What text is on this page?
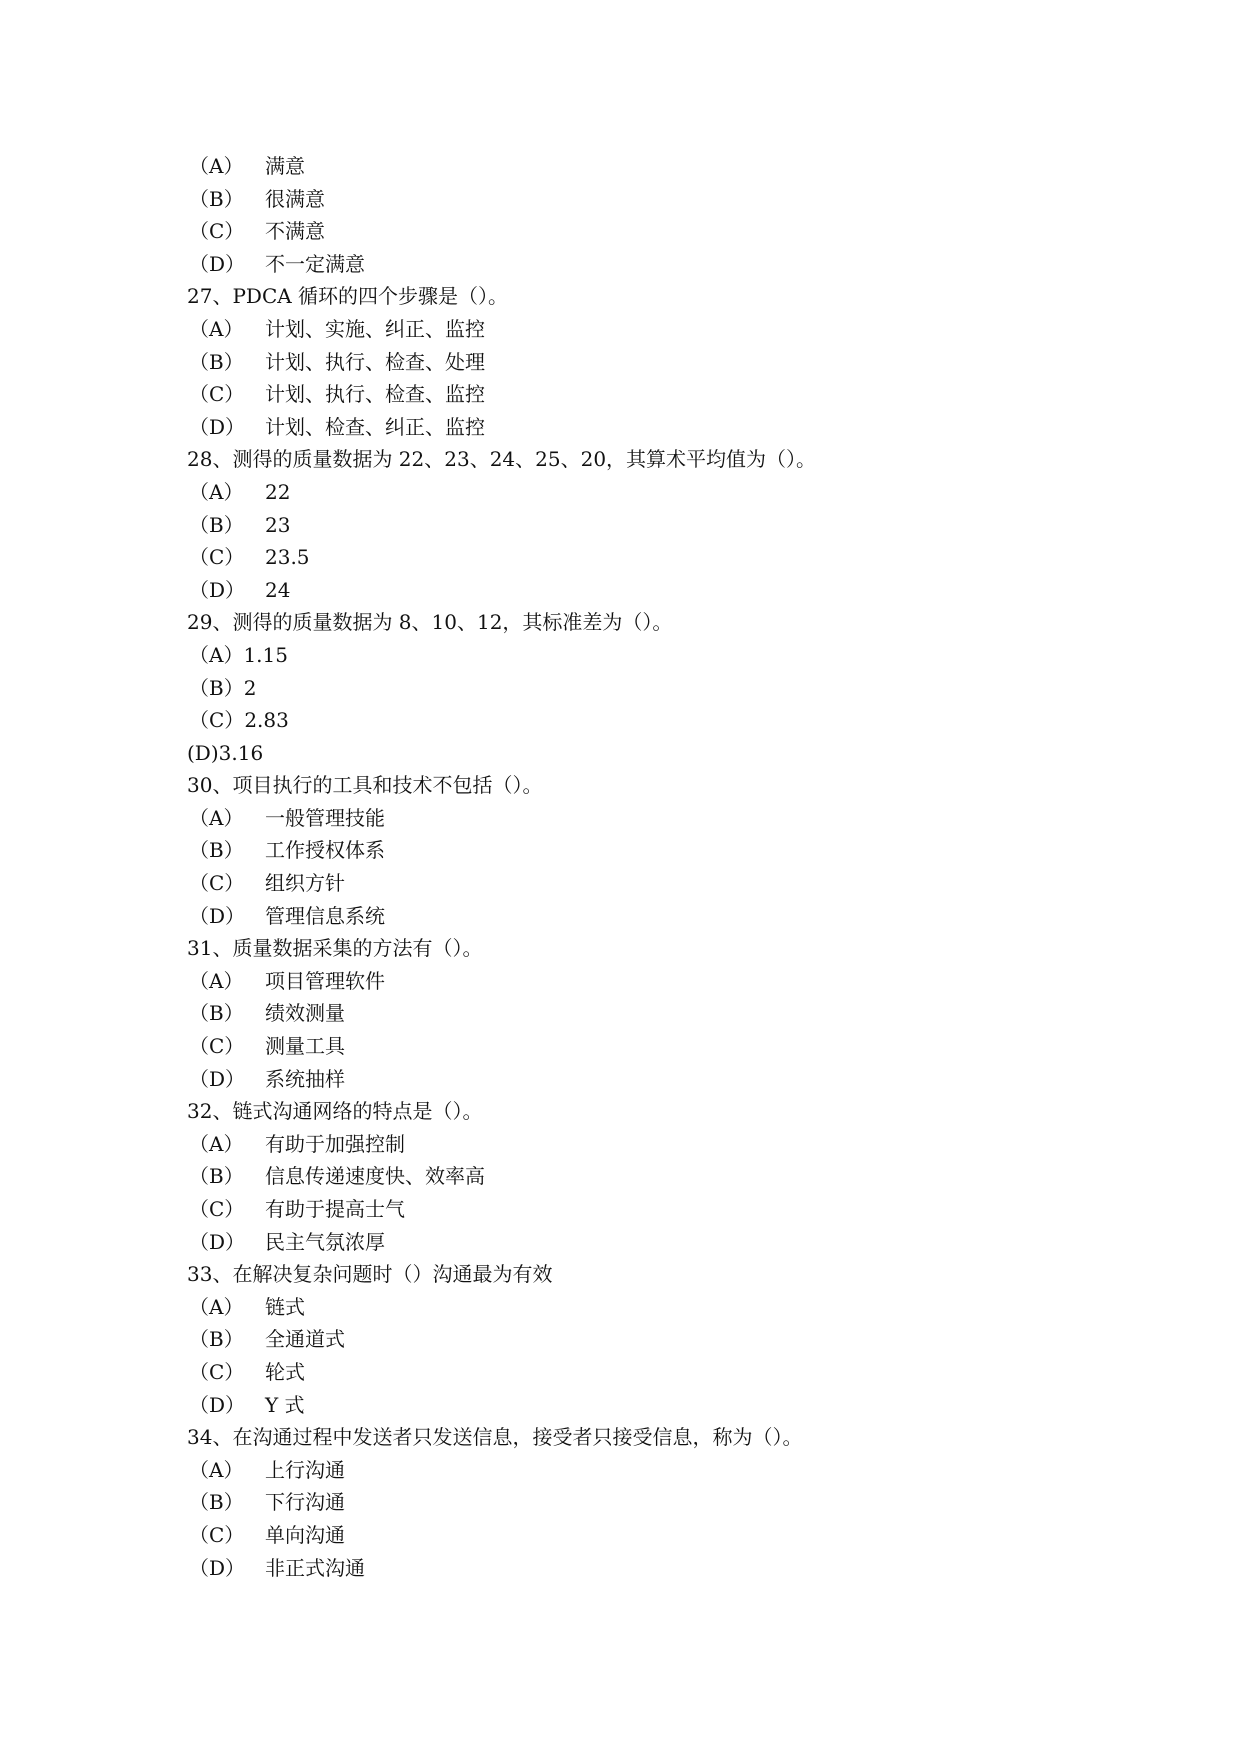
（A） 满意
（B） 很满意
（C） 不满意
（D） 不一定满意
27、PDCA 循环的四个步骤是（）。
（A） 计划、实施、纠正、监控
（B） 计划、执行、检查、处理
（C） 计划、执行、检查、监控
（D） 计划、检查、纠正、监控
28、测得的质量数据为 22、23、24、25、20，其算术平均值为（）。
（A） 22
（B） 23
（C） 23.5
（D） 24
29、测得的质量数据为 8、10、12，其标准差为（）。
（A）1.15
（B）2
（C）2.83
(D)3.16
30、项目执行的工具和技术不包括（）。
（A） 一般管理技能
（B） 工作授权体系
（C） 组织方针
（D） 管理信息系统
31、质量数据采集的方法有（）。
（A） 项目管理软件
（B） 绩效测量
（C） 测量工具
（D） 系统抽样
32、链式沟通网络的特点是（）。
（A） 有助于加强控制
（B） 信息传递速度快、效率高
（C） 有助于提高士气
（D） 民主气氛浓厚
33、在解决复杂问题时（）沟通最为有效
（A） 链式
（B） 全通道式
（C） 轮式
（D） Y 式
34、在沟通过程中发送者只发送信息，接受者只接受信息，称为（）。
（A） 上行沟通
（B） 下行沟通
（C） 单向沟通
（D） 非正式沟通
